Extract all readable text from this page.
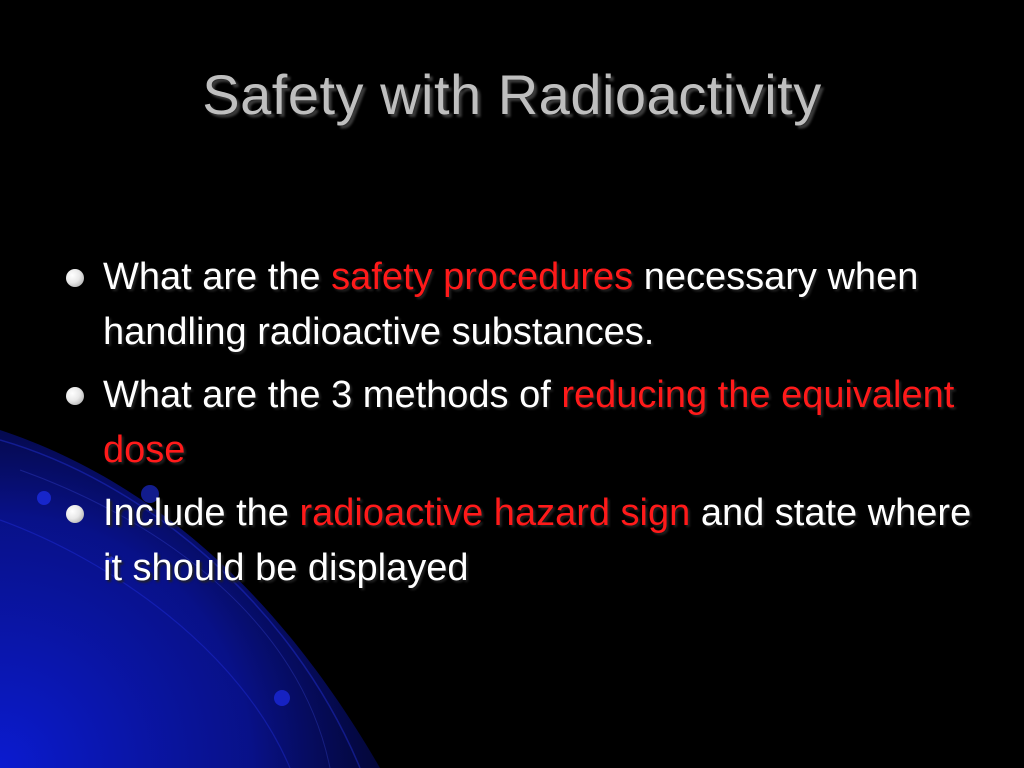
Safety with Radioactivity
What are the safety procedures necessary when handling radioactive substances.
What are the 3 methods of reducing the equivalent dose
Include the radioactive hazard sign and state where it should be displayed
